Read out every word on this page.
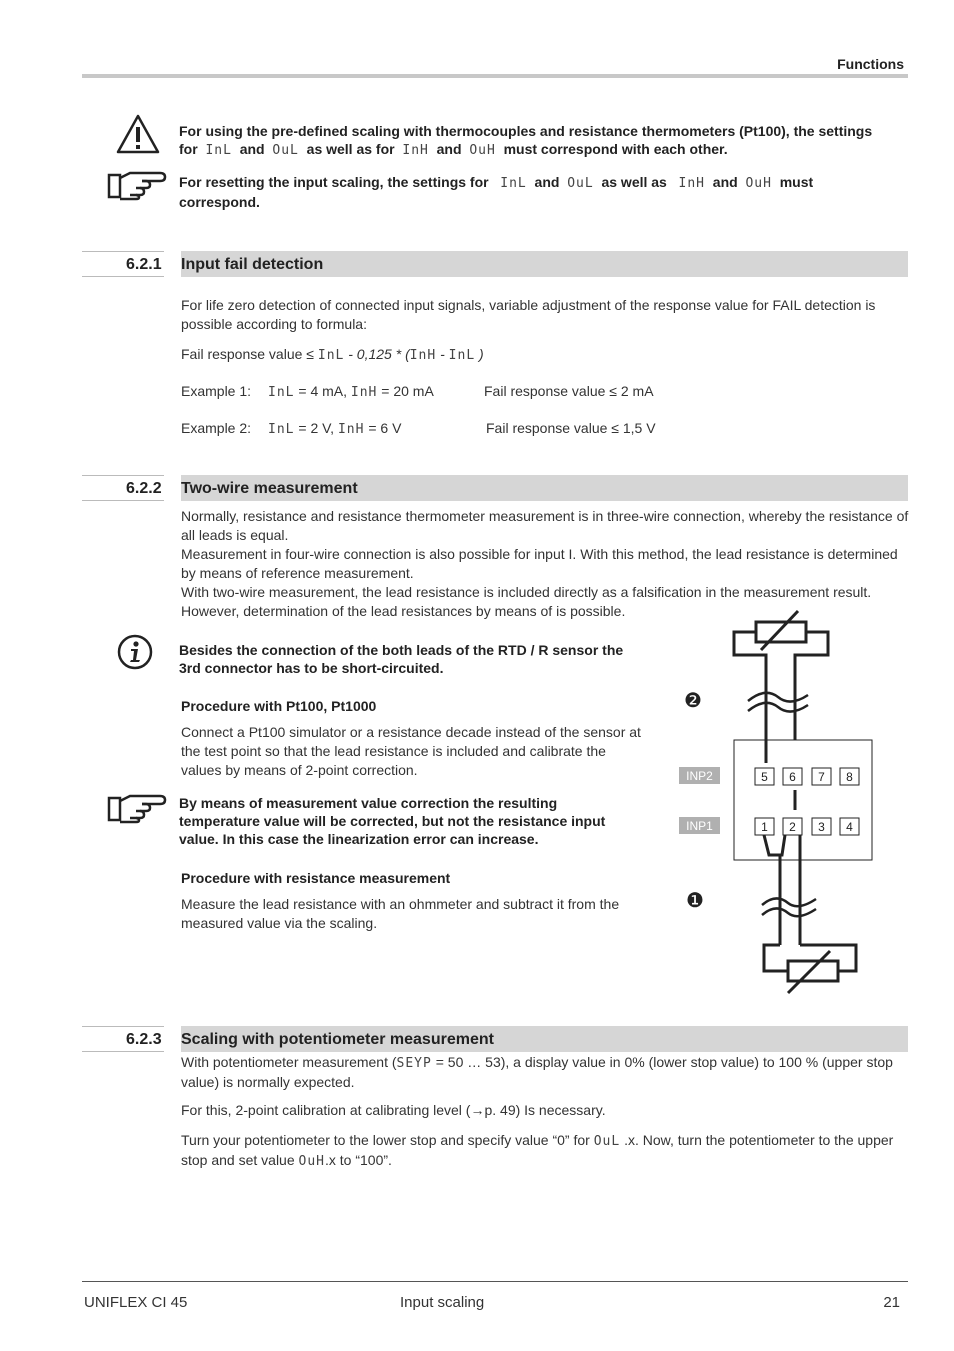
Functions
For using the pre-defined scaling with thermocouples and resistance thermometers (Pt100), the settings
for InL and OuL as well as for InH and OuH must correspond with each other.
For resetting the input scaling, the settings for InL and OuL as well as InH and OuH must
correspond.
6.2.1 Input fail detection
For life zero detection of connected input signals, variable adjustment of the response value for FAIL detection is
possible according to formula:
Fail response value ≤ InL - 0,125 * (InH - InL )
Example 1: InL = 4 mA, InH = 20 mA	Fail response value ≤ 2 mA
Example 2: InL = 2 V, InH = 6 V	Fail response value ≤ 1,5 V
6.2.2 Two-wire measurement
Normally, resistance and resistance thermometer measurement is in three-wire connection, whereby the resistance of
all leads is equal.
Measurement in four-wire connection is also possible for input I. With this method, the lead resistance is determined
by means of reference measurement.
With two-wire measurement, the lead resistance is included directly as a falsification in the measurement result.
However, determination of the lead resistances by means of is possible.
Besides the connection of the both leads of the RTD / R sensor the
3rd connector has to be short-circuited.
Procedure with Pt100, Pt1000
Connect a Pt100 simulator or a resistance decade instead of the sensor at
the test point so that the lead resistance is included and calibrate the
values by means of 2-point correction.
By means of measurement value correction the resulting
temperature value will be corrected, but not the resistance input
value. In this case the linearization error can increase.
Procedure with resistance measurement
Measure the lead resistance with an ohmmeter and subtract it from the
measured value via the scaling.
5 6 7 8
1 2 3 4
INP2
INP1
❷
❶
6.2.3 Scaling with potentiometer measurement
With potentiometer measurement (SEYP = 50 … 53), a display value in 0% (lower stop value) to 100 % (upper stop
value) is normally expected.
For this, 2-point calibration at calibrating level (→p. 49) Is necessary.
Turn your potentiometer to the lower stop and specify value “0” for OuL .x. Now, turn the potentiometer to the upper
stop and set value OuH.x to “100”.
UNIFLEX CI 45	Input scaling	21
